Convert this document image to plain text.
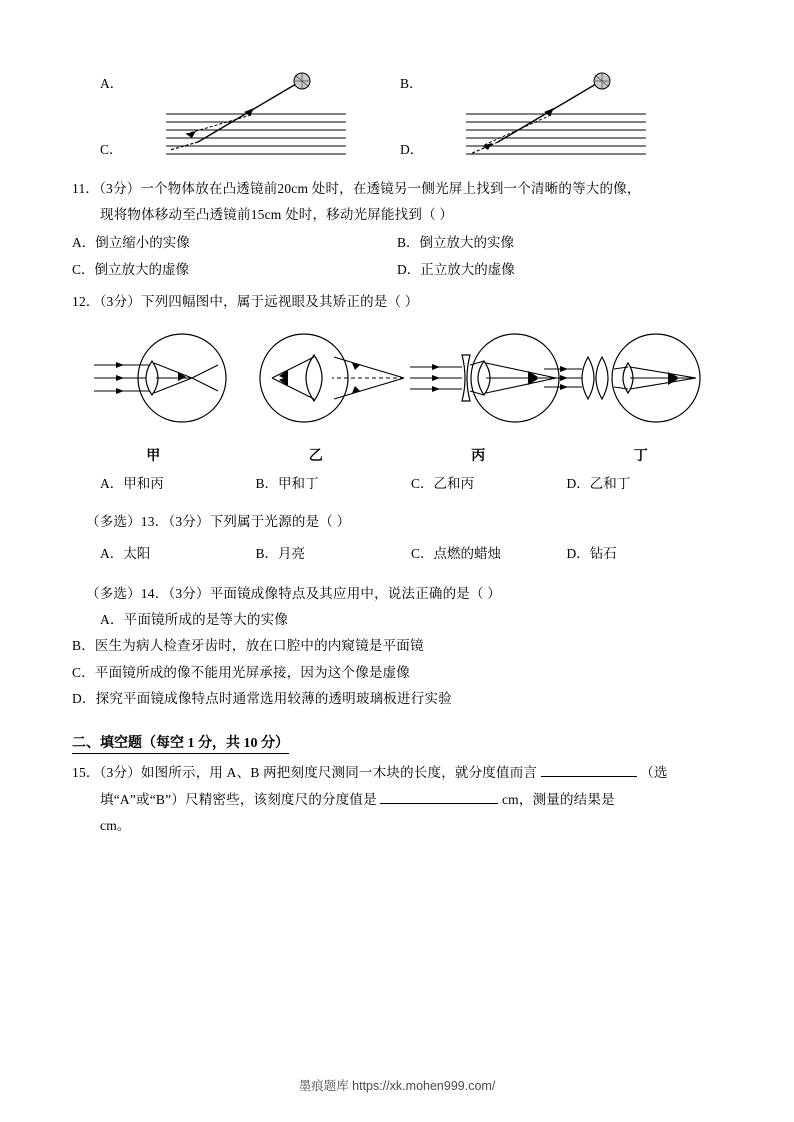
A．	B．
C．	D．
11．（3分）一个物体放在凸透镜前20cm 处时，在透镜另一侧光屏上找到一个清晰的等大的像，
现将物体移动至凸透镜前15cm 处时，移动光屏能找到（ ）
A．倒立缩小的实像	B．倒立放大的实像
C．倒立放大的虚像	D．正立放大的虚像
12．（3分）下列四幅图中，属于远视眼及其矫正的是（ ）
甲	乙	丙	丁
A．甲和丙	B．甲和丁	C．乙和丙	D．乙和丁
（多选）13．（3分）下列属于光源的是（ ）
A．太阳	B．月亮	C．点燃的蜡烛	D．钻石
（多选）14．（3分）平面镜成像特点及其应用中，说法正确的是（ ）
A．平面镜所成的是等大的实像
B．医生为病人检查牙齿时，放在口腔中的内窥镜是平面镜
C．平面镜所成的像不能用光屏承接，因为这个像是虚像
D．探究平面镜成像特点时通常选用较薄的透明玻璃板进行实验
二、填空题（每空 1 分，共 10 分）
15．（3分）如图所示，用 A、B 两把刻度尺测同一木块的长度，就分度值而言	（选
填“A”或“B”）尺精密些，该刻度尺的分度值是	cm，测量的结果是
cm。
墨痕题库 https://xk.mohen999.com/
